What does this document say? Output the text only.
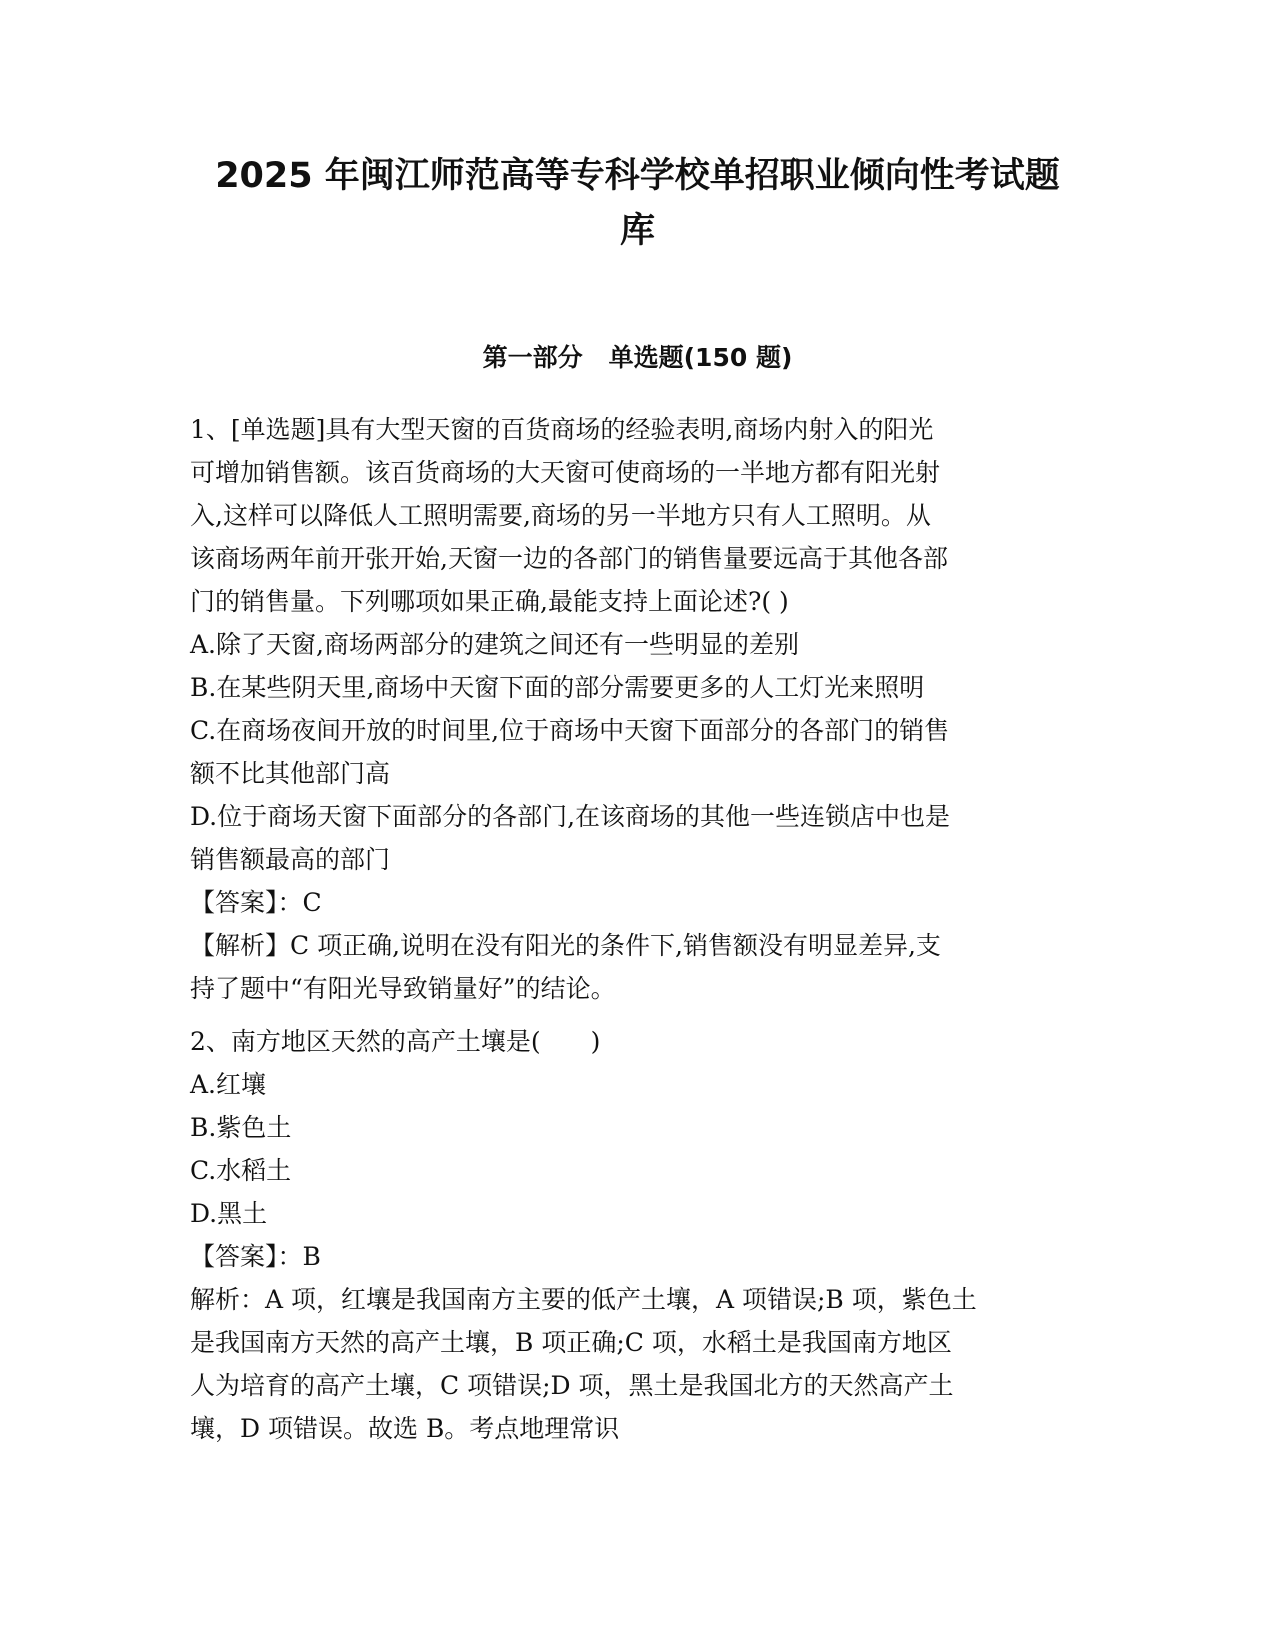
2025 年闽江师范高等专科学校单招职业倾向性考试题
库
第一部分 单选题(150 题)

1、[单选题]具有大型天窗的百货商场的经验表明,商场内射入的阳光

可增加销售额。该百货商场的大天窗可使商场的一半地方都有阳光射

入,这样可以降低人工照明需要,商场的另一半地方只有人工照明。从

该商场两年前开张开始,天窗一边的各部门的销售量要远高于其他各部

门的销售量。下列哪项如果正确,最能支持上面论述?( )

A.除了天窗,商场两部分的建筑之间还有一些明显的差别

B.在某些阴天里,商场中天窗下面的部分需要更多的人工灯光来照明

C.在商场夜间开放的时间里,位于商场中天窗下面部分的各部门的销售

额不比其他部门高

D.位于商场天窗下面部分的各部门,在该商场的其他一些连锁店中也是

销售额最高的部门

【答案】：C

【解析】C 项正确,说明在没有阳光的条件下,销售额没有明显差异,支

持了题中“有阳光导致销量好”的结论。

2、南方地区天然的高产土壤是(　　)

A.红壤

B.紫色土

C.水稻土

D.黑土

【答案】：B

解析：A 项，红壤是我国南方主要的低产土壤，A 项错误;B 项，紫色土

是我国南方天然的高产土壤，B 项正确;C 项，水稻土是我国南方地区

人为培育的高产土壤，C 项错误;D 项，黑土是我国北方的天然高产土

壤，D 项错误。故选 B。考点地理常识
